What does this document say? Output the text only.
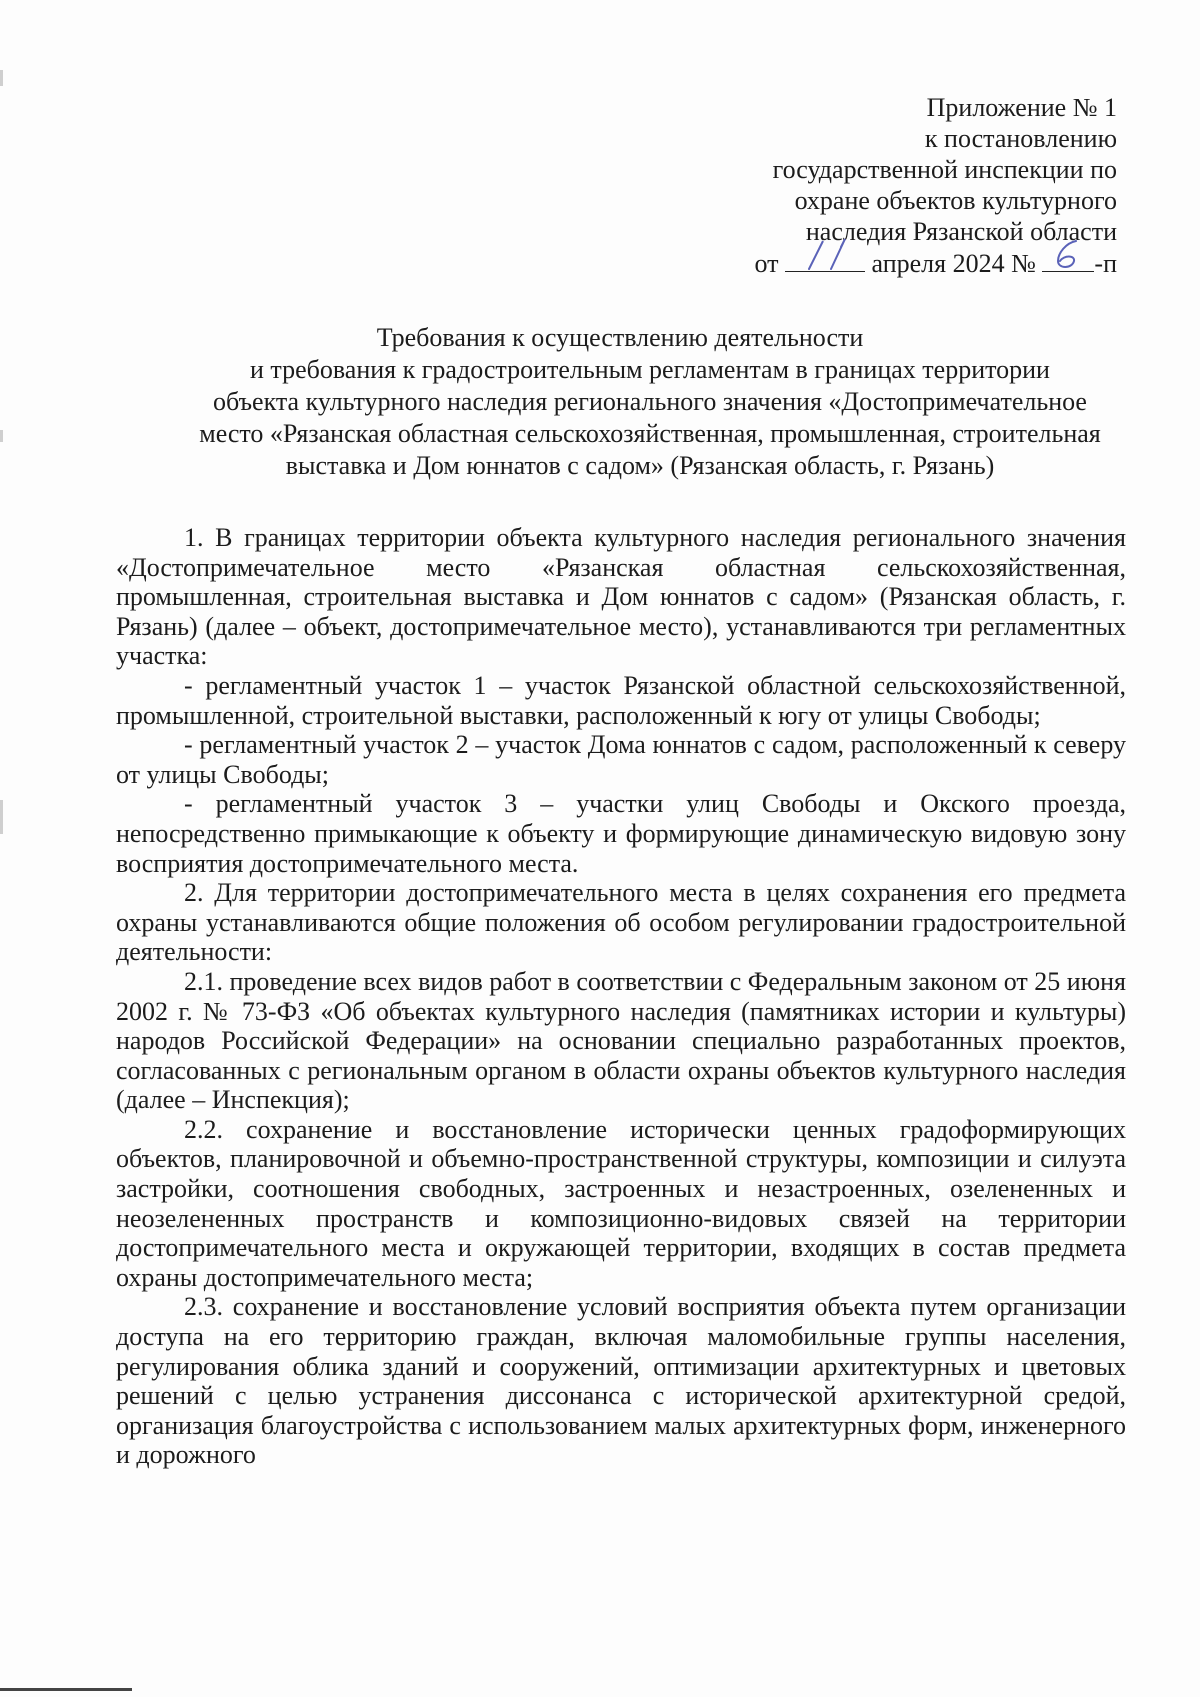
Приложение № 1
к постановлению
государственной инспекции по
охране объектов культурного
наследия Рязанской области
от	апреля 2024 № -п
Требования к осуществлению деятельности
и требования к градостроительным регламентам в границах территории
объекта культурного наследия регионального значения «Достопримечательное
место «Рязанская областная сельскохозяйственная, промышленная, строительная
выставка и Дом юннатов с садом» (Рязанская область, г. Рязань)

1. В границах территории объекта культурного наследия регионального значения «Достопримечательное место «Рязанская областная сельскохозяйственная, промышленная, строительная выставка и Дом юннатов с садом» (Рязанская область, г. Рязань) (далее – объект, достопримечательное место), устанавливаются три регламентных участка:

- регламентный участок 1 – участок Рязанской областной сельскохозяйственной, промышленной, строительной выставки, расположенный к югу от улицы Свободы;

- регламентный участок 2 – участок Дома юннатов с садом, расположенный к северу от улицы Свободы;

- регламентный участок 3 – участки улиц Свободы и Окского проезда, непосредственно примыкающие к объекту и формирующие динамическую видовую зону восприятия достопримечательного места.

2. Для территории достопримечательного места в целях сохранения его предмета охраны устанавливаются общие положения об особом регулировании градостроительной деятельности:

2.1. проведение всех видов работ в соответствии с Федеральным законом от 25 июня 2002 г. № 73-ФЗ «Об объектах культурного наследия (памятниках истории и культуры) народов Российской Федерации» на основании специально разработанных проектов, согласованных с региональным органом в области охраны объектов культурного наследия (далее – Инспекция);

2.2. сохранение и восстановление исторически ценных градоформирующих объектов, планировочной и объемно-пространственной структуры, композиции и силуэта застройки, соотношения свободных, застроенных и незастроенных, озелененных и неозелененных пространств и композиционно-видовых связей на территории достопримечательного места и окружающей территории, входящих в состав предмета охраны достопримечательного места;

2.3. сохранение и восстановление условий восприятия объекта путем организации доступа на его территорию граждан, включая маломобильные группы населения, регулирования облика зданий и сооружений, оптимизации архитектурных и цветовых решений с целью устранения диссонанса с исторической архитектурной средой, организация благоустройства с использованием малых архитектурных форм, инженерного и дорожного
